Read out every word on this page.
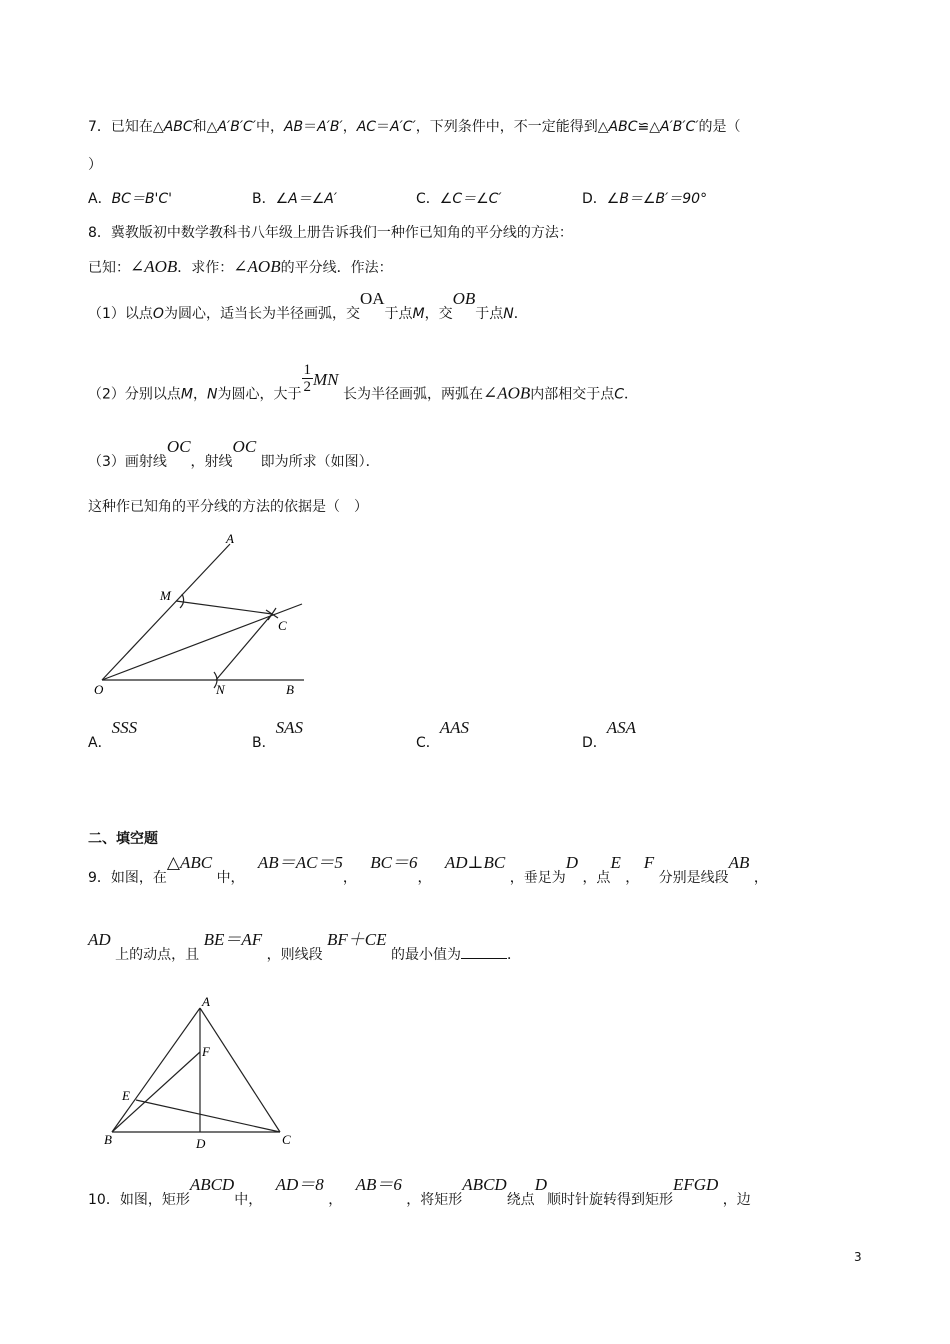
7．已知在△ABC和△A′B′C′中，AB＝A′B′，AC＝A′C′，下列条件中，不一定能得到△ABC≌△A′B′C′的是（
）
A．BC＝B'C'	B．∠A＝∠A′	C．∠C＝∠C′	D．∠B＝∠B′＝90°
8．冀教版初中数学教科书八年级上册告诉我们一种作已知角的平分线的方法：
已知：∠AOB．求作：∠AOB的平分线．作法：
（1）以点O为圆心，适当长为半径画弧，交OA于点M，交OB于点N．
（2）分别以点M，N为圆心，大于 $\frac{1}{2}$ MN 长为半径画弧，两弧在∠AOB内部相交于点C．
（3）画射线OC，射线OC 即为所求（如图）．
这种作已知角的平分线的方法的依据是（　）
A
M
C
O	N	B
A．SSS
B．SAS
C．AAS
D．ASA
二、填空题
9．如图，在△ABC 中，   AB＝AC＝5，   BC＝6，   AD⊥BC ，垂足为D ，点E ， F 分别是线段AB ，
AD 上的动点，且 BE＝AF ，则线段 BF＋CE 的最小值为	．
A
F
E
B	D	C
10．如图，矩形ABCD中，   AD＝8 ，   AB＝6 ，将矩形ABCD绕点D顺时针旋转得到矩形EFGD ，边
3
